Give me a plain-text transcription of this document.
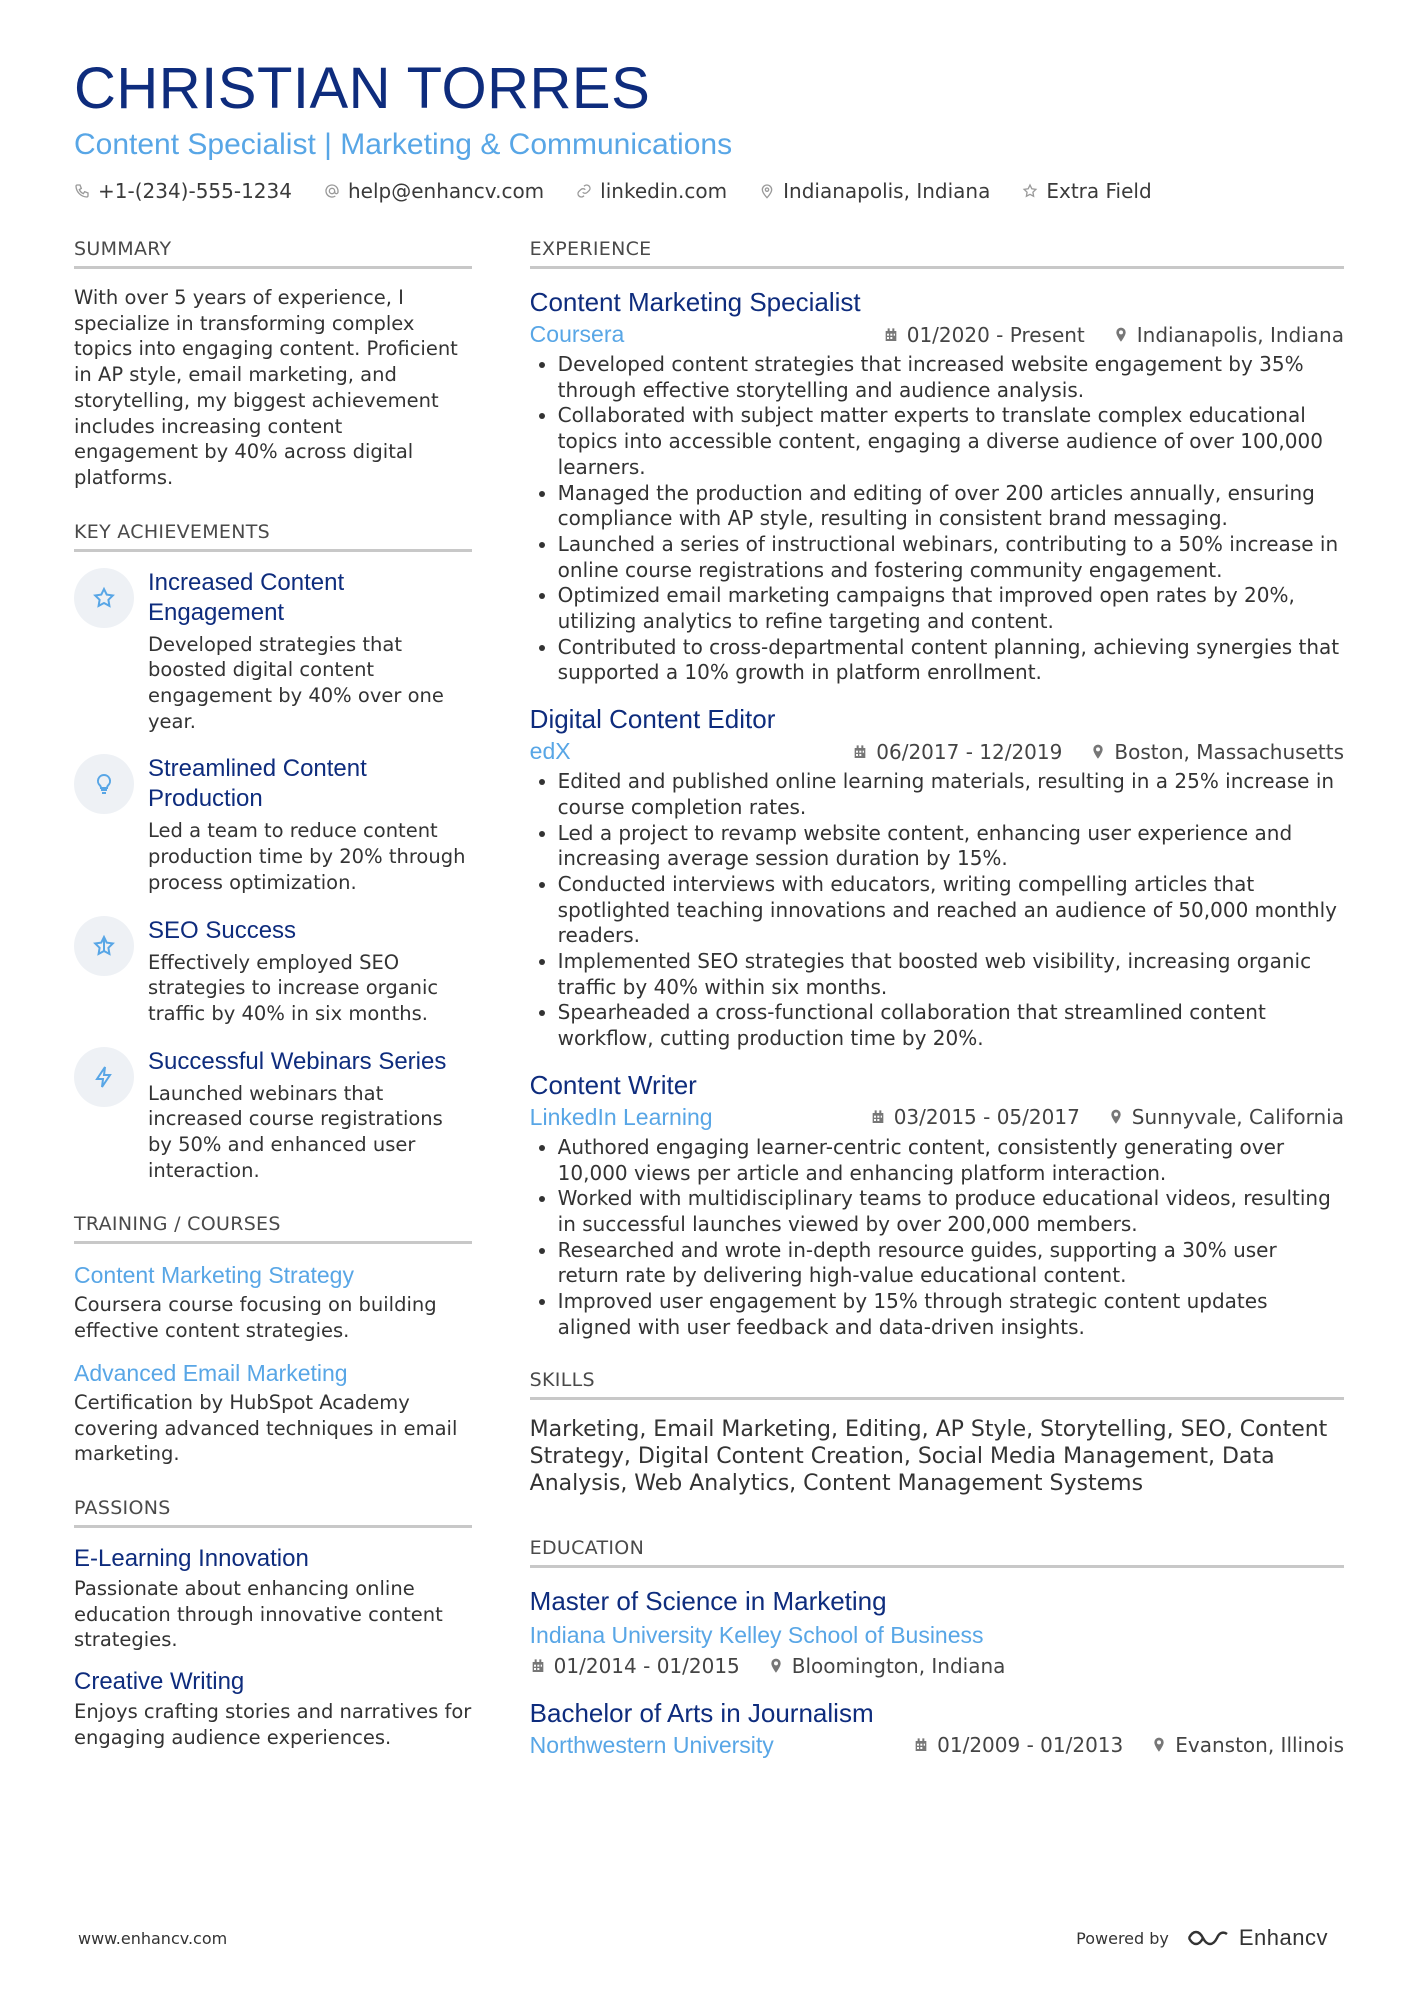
CHRISTIAN TORRES
Content Specialist | Marketing & Communications
+1-(234)-555-1234	help@enhancv.com	linkedin.com	Indianapolis, Indiana	Extra Field
SUMMARY
With over 5 years of experience, I specialize in transforming complex topics into engaging content. Proficient in AP style, email marketing, and storytelling, my biggest achievement includes increasing content engagement by 40% across digital platforms.
KEY ACHIEVEMENTS
Increased Content Engagement
Developed strategies that boosted digital content engagement by 40% over one year.
Streamlined Content Production
Led a team to reduce content production time by 20% through process optimization.
SEO Success
Effectively employed SEO strategies to increase organic traffic by 40% in six months.
Successful Webinars Series
Launched webinars that increased course registrations by 50% and enhanced user interaction.
TRAINING / COURSES
Content Marketing Strategy
Coursera course focusing on building effective content strategies.
Advanced Email Marketing
Certification by HubSpot Academy covering advanced techniques in email marketing.
PASSIONS
E-Learning Innovation
Passionate about enhancing online education through innovative content strategies.
Creative Writing
Enjoys crafting stories and narratives for engaging audience experiences.
EXPERIENCE
Content Marketing Specialist
Coursera	01/2020 - Present	Indianapolis, Indiana
• Developed content strategies that increased website engagement by 35% through effective storytelling and audience analysis.
• Collaborated with subject matter experts to translate complex educational topics into accessible content, engaging a diverse audience of over 100,000 learners.
• Managed the production and editing of over 200 articles annually, ensuring compliance with AP style, resulting in consistent brand messaging.
• Launched a series of instructional webinars, contributing to a 50% increase in online course registrations and fostering community engagement.
• Optimized email marketing campaigns that improved open rates by 20%, utilizing analytics to refine targeting and content.
• Contributed to cross-departmental content planning, achieving synergies that supported a 10% growth in platform enrollment.
Digital Content Editor
edX	06/2017 - 12/2019	Boston, Massachusetts
• Edited and published online learning materials, resulting in a 25% increase in course completion rates.
• Led a project to revamp website content, enhancing user experience and increasing average session duration by 15%.
• Conducted interviews with educators, writing compelling articles that spotlighted teaching innovations and reached an audience of 50,000 monthly readers.
• Implemented SEO strategies that boosted web visibility, increasing organic traffic by 40% within six months.
• Spearheaded a cross-functional collaboration that streamlined content workflow, cutting production time by 20%.
Content Writer
LinkedIn Learning	03/2015 - 05/2017	Sunnyvale, California
• Authored engaging learner-centric content, consistently generating over 10,000 views per article and enhancing platform interaction.
• Worked with multidisciplinary teams to produce educational videos, resulting in successful launches viewed by over 200,000 members.
• Researched and wrote in-depth resource guides, supporting a 30% user return rate by delivering high-value educational content.
• Improved user engagement by 15% through strategic content updates aligned with user feedback and data-driven insights.
SKILLS
Marketing, Email Marketing, Editing, AP Style, Storytelling, SEO, Content Strategy, Digital Content Creation, Social Media Management, Data Analysis, Web Analytics, Content Management Systems
EDUCATION
Master of Science in Marketing
Indiana University Kelley School of Business
01/2014 - 01/2015	Bloomington, Indiana
Bachelor of Arts in Journalism
Northwestern University	01/2009 - 01/2013	Evanston, Illinois
www.enhancv.com	Powered by	Enhancv
